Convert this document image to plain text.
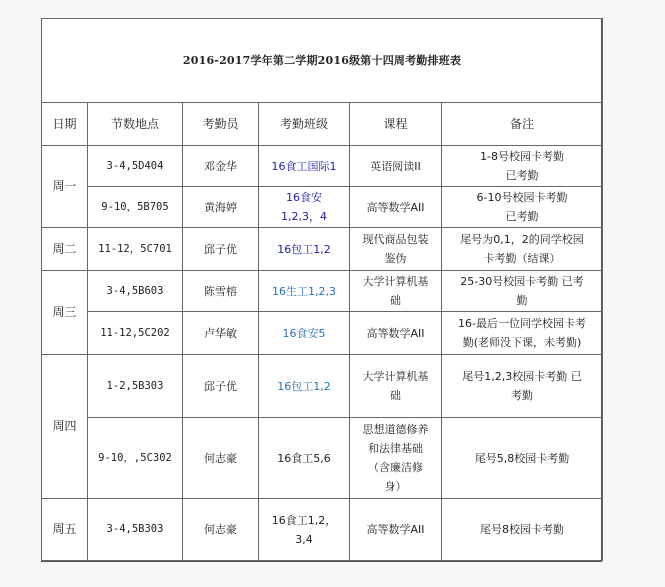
2016-2017学年第二学期2016级第十四周考勤排班表					
日期	节数地点	考勤员	考勤班级	课程	备注
周一	3-4,5D404	邓金华	16食工国际1	英语阅读II	1-8号校园卡考勤
已考勤

	9-10，5B705	黄海婷	16食安
1,2,3，4	高等数学AII	6-10号校园卡考勤
已考勤

周二	11-12，5C701	邱子优	16包工1,2	现代商品包装
鉴伪	尾号为0,1，2的同学校园
卡考勤（结课）

周三	3-4,5B603	陈雪榕	16生工1,2,3	大学计算机基
础	25-30号校园卡考勤 已考
勤

	11-12,5C202	卢华敏	16食安5	高等数学AII	16-最后一位同学校园卡考
勤(老师没下课，未考勤)

周四	1-2,5B303	邱子优	16包工1,2	大学计算机基
础	尾号1,2,3校园卡考勤 已
考勤

	9-10，,5C302	何志豪	16食工5,6	思想道德修养
和法律基础
（含廉洁修
身）	尾号5,8校园卡考勤
周五	3-4,5B303	何志豪	16食工1,2，
3,4	高等数学AII	尾号8校园卡考勤
